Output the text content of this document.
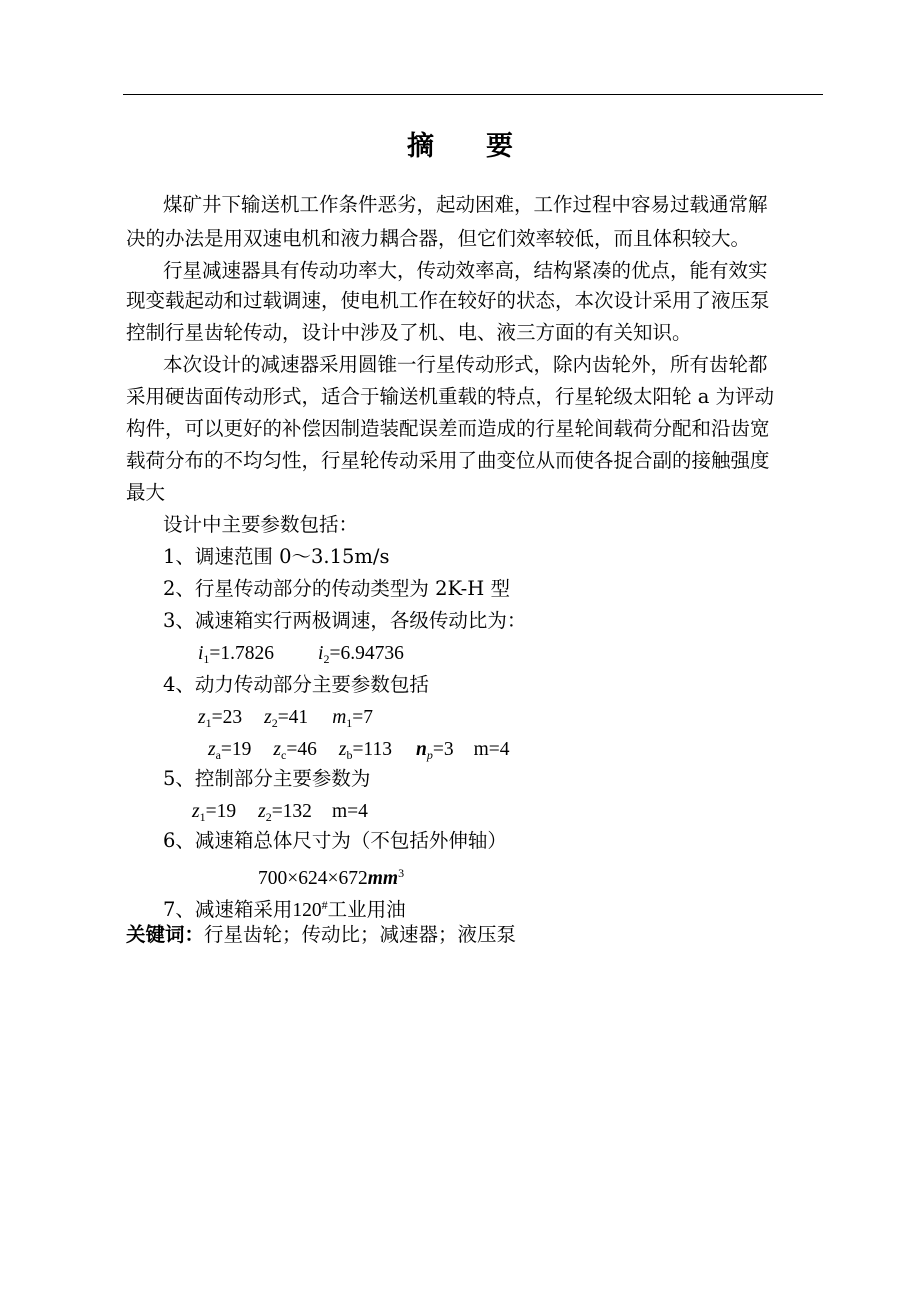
摘 要
煤矿井下输送机工作条件恶劣，起动困难，工作过程中容易过载通常解
决的办法是用双速电机和液力耦合器，但它们效率较低，而且体积较大。
行星减速器具有传动功率大，传动效率高，结构紧凑的优点，能有效实
现变载起动和过载调速，使电机工作在较好的状态，本次设计采用了液压泵
控制行星齿轮传动，设计中涉及了机、电、液三方面的有关知识。
本次设计的减速器采用圆锥一行星传动形式，除内齿轮外，所有齿轮都
采用硬齿面传动形式，适合于输送机重载的特点，行星轮级太阳轮 a 为评动
构件，可以更好的补偿因制造装配误差而造成的行星轮间载荷分配和沿齿宽
载荷分布的不均匀性，行星轮传动采用了曲变位从而使各捉合副的接触强度
最大
设计中主要参数包括：
1、调速范围 0～3.15m/s
2、行星传动部分的传动类型为 2K-H 型
3、减速箱实行两极调速，各级传动比为：
$i_1=1.7826$ $i_2=6.94736$
4、动力传动部分主要参数包括
$z_1=23$ $z_2=41$ $m_1=7$
$z_a=19$ $z_c=46$ $z_b=113$ $n_p=3$ m=4
5、控制部分主要参数为
$z_1=19$ $z_2=132$ m=4
6、减速箱总体尺寸为（不包括外伸轴）
$700\times 624\times 672mm^3$
7、减速箱采用120#工业用油
关键词：行星齿轮；传动比；减速器；液压泵
